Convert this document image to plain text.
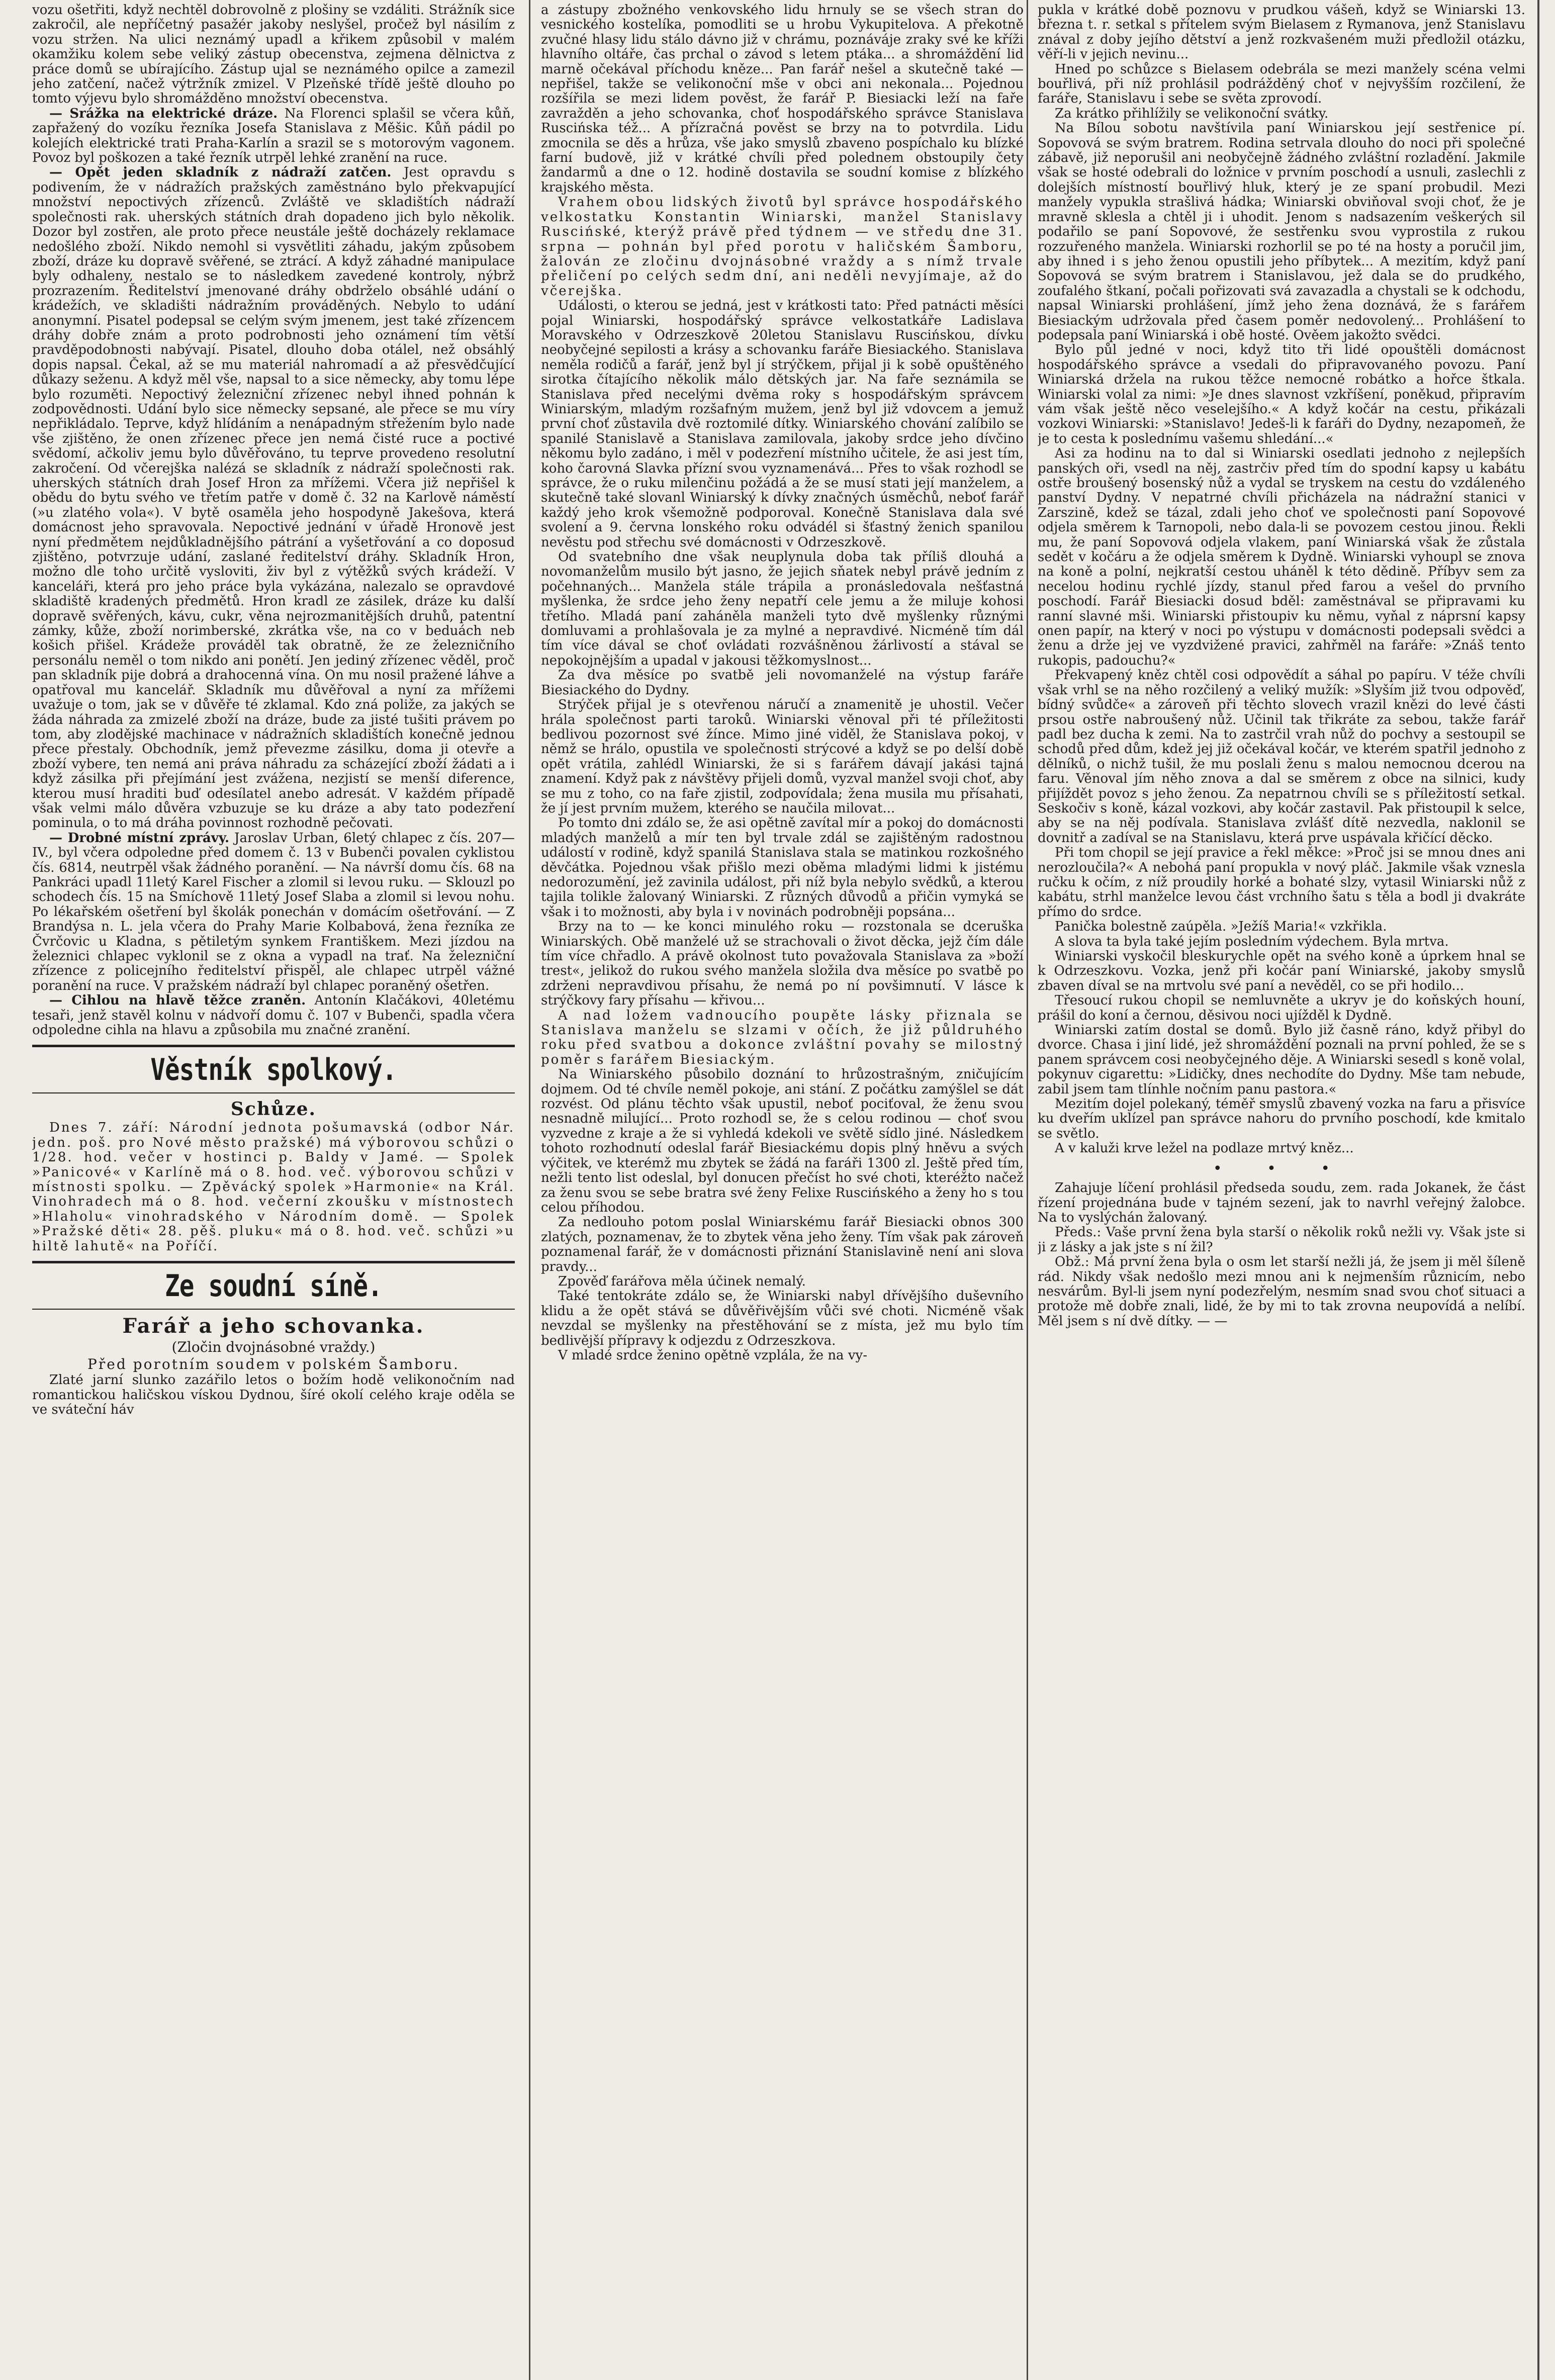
vozu ošetřiti, když nechtěl dobrovolně z plošiny se vzdáliti. Strážník sice zakročil, ale nepříčetný pasažér jakoby neslyšel, pročež byl násilím z vozu stržen. Na ulici neznámý upadl a křikem způsobil v malém okamžiku kolem sebe veliký zástup obecenstva, zejmena dělnictva z práce domů se ubírajícího. Zástup ujal se neznámého opilce a zamezil jeho zatčení, načež výtržník zmizel. V Plzeňské třídě ještě dlouho po tomto výjevu bylo shromážděno množství obecenstva.

— Srážka na elektrické dráze. Na Florenci splašil se včera kůň, zapřažený do vozíku řezníka Josefa Stanislava z Měšic. Kůň pádil po kolejích elektrické trati Praha-Karlín a srazil se s motorovým vagonem. Povoz byl poškozen a také řezník utrpěl lehké zranění na ruce.

— Opět jeden skladník z nádraží zatčen. Jest opravdu s podivením, že v nádražích pražských zaměstnáno bylo překvapující množství nepoctivých zřízenců. Zvláště ve skladištích nádraží společnosti rak. uherských státních drah dopadeno jich bylo několik. Dozor byl zostřen, ale proto přece neustále ještě docházely reklamace nedošlého zboží. Nikdo nemohl si vysvětliti záhadu, jakým způsobem zboží, dráze ku dopravě svěřené, se ztrácí. A když záhadné manipulace byly odhaleny, nestalo se to následkem zavedené kontroly, nýbrž prozrazením. Ředitelství jmenované dráhy obdrželo obsáhlé udání o krádežích, ve skladišti nádražním prováděných. Nebylo to udání anonymní. Pisatel podepsal se celým svým jmenem, jest také zřízencem dráhy dobře znám a proto podrobnosti jeho oznámení tím větší pravděpodobnosti nabývají. Pisatel, dlouho doba otálel, než obsáhlý dopis napsal. Čekal, až se mu materiál nahromadí a až přesvědčující důkazy seženu. A když měl vše, napsal to a sice německy, aby tomu lépe bylo rozuměti. Nepoctivý železniční zřízenec nebyl ihned pohnán k zodpovědnosti. Udání bylo sice německy sepsané, ale přece se mu víry nepřikládalo. Teprve, když hlídáním a nenápadným střežením bylo nade vše zjištěno, že onen zřízenec přece jen nemá čisté ruce a poctivé svědomí, ačkoliv jemu bylo důvěřováno, tu teprve provedeno resolutní zakročení. Od včerejška nalézá se skladník z nádraží společnosti rak. uherských státních drah Josef Hron za mřížemi. Včera již nepřišel k obědu do bytu svého ve třetím patře v domě č. 32 na Karlově náměstí (»u zlatého vola«). V bytě osaměla jeho hospodyně Jakešova, která domácnost jeho spravovala. Nepoctivé jednání v úřadě Hronově jest nyní předmětem nejdůkladnějšího pátrání a vyšetřování a co doposud zjištěno, potvrzuje udání, zaslané ředitelství dráhy. Skladník Hron, možno dle toho určitě vysloviti, živ byl z výtěžků svých krádeží. V kanceláři, která pro jeho práce byla vykázána, nalezalo se opravdové skladiště kradených předmětů. Hron kradl ze zásilek, dráze ku další dopravě svěřených, kávu, cukr, věna nejrozmanitějších druhů, patentní zámky, kůže, zboží norimberské, zkrátka vše, na co v beduách neb košich přišel. Krádeže prováděl tak obratně, že ze železničního personálu neměl o tom nikdo ani ponětí. Jen jediný zřízenec věděl, proč pan skladník pije dobrá a drahocenná vína. On mu nosil pražené láhve a opatřoval mu kancelář. Skladník mu důvěřoval a nyní za mřížemi uvažuje o tom, jak se v důvěře té zklamal. Kdo zná poliže, za jakých se žáda náhrada za zmizelé zboží na dráze, bude za jisté tušiti právem po tom, aby zlodějské machinace v nádražních skladištích konečně jednou přece přestaly. Obchodník, jemž převezme zásilku, doma ji otevře a zboží vybere, ten nemá ani práva náhradu za scházející zboží žádati a i když zásilka při přejímání jest zvážena, nezjistí se menší diference, kterou musí hraditi buď odesílatel anebo adresát. V každém případě však velmi málo důvěra vzbuzuje se ku dráze a aby tato podezření pominula, o to má dráha povinnost rozhodně pečovati.

— Drobné místní zprávy. Jaroslav Urban, 6letý chlapec z čís. 207—IV., byl včera odpoledne před domem č. 13 v Bubenči povalen cyklistou čís. 6814, neutrpěl však žádného poranění. — Na návrší domu čís. 68 na Pankráci upadl 11letý Karel Fischer a zlomil si levou ruku. — Sklouzl po schodech čís. 15 na Smíchově 11letý Josef Slaba a zlomil si levou nohu. Po lékařském ošetření byl školák ponechán v domácím ošetřování. — Z Brandýsa n. L. jela včera do Prahy Marie Kolbabová, žena řezníka ze Čvrčovic u Kladna, s pětiletým synkem Františkem. Mezi jízdou na železnici chlapec vyklonil se z okna a vypadl na trať. Na železniční zřízence z policejního ředitelství přispěl, ale chlapec utrpěl vážné poranění na ruce. V pražském nádraží byl chlapec poraněný ošetřen.

— Cihlou na hlavě těžce zraněn. Antonín Klačákovi, 40letému tesaři, jenž stavěl kolnu v nádvoří domu č. 107 v Bubenči, spadla včera odpoledne cihla na hlavu a způsobila mu značné zranění.

Věstník spolkový.
Schůze.

Dnes 7. září: Národní jednota pošumavská (odbor Nár. jedn. poš. pro Nové město pražské) má výborovou schůzi o 1/28. hod. večer v hostinci p. Baldy v Jamé. — Spolek »Panicové« v Karlíně má o 8. hod. več. výborovou schůzi v místnosti spolku. — Zpěvácký spolek »Harmonie« na Král. Vinohradech má o 8. hod. večerní zkoušku v místnostech »Hlaholu« vinohradského v Národním domě. — Spolek »Pražské děti« 28. pěš. pluku« má o 8. hod. več. schůzi »u hiltě lahutě« na Poříčí.

Ze soudní síně.
Farář a jeho schovanka.
(Zločin dvojnásobné vraždy.)
Před porotním soudem v polském Šamboru.

Zlaté jarní slunko zazářilo letos o božím hodě velikonočním nad romantickou haličskou vískou Dydnou, šíré okolí celého kraje oděla se ve sváteční háv

a zástupy zbožného venkovského lidu hrnuly se se všech stran do vesnického kostelíka, pomodliti se u hrobu Vykupitelova. A překotně zvučné hlasy lidu stálo dávno již v chrámu, poznáváje zraky své ke kříži hlavního oltáře, čas prchal o závod s letem ptáka... a shromáždění lid marně očekával příchodu kněze... Pan farář nešel a skutečně také — nepřišel, takže se velikonoční mše v obci ani nekonala... Pojednou rozšířila se mezi lidem pověst, že farář P. Biesiacki leží na faře zavražděn a jeho schovanka, choť hospodářského správce Stanislava Ruscińska též... A přízračná pověst se brzy na to potvrdila. Lidu zmocnila se děs a hrůza, vše jako smyslů zbaveno pospíchalo ku blízké farní budově, již v krátké chvíli před polednem obstoupily čety žandarmů a dne o 12. hodině dostavila se soudní komise z blízkého krajského města.

Vrahem obou lidských životů byl správce hospodářského velkostatku Konstantin Winiarski, manžel Stanislavy Ruscińské, kterýž právě před týdnem — ve středu dne 31. srpna — pohnán byl před porotu v haličském Šamboru, žalován ze zločinu dvojnásobné vraždy a s nímž trvale přeličení po celých sedm dní, ani neděli nevyjímaje, až do včerejška.

Události, o kterou se jedná, jest v krátkosti tato: Před patnácti měsíci pojal Winiarski, hospodářský správce velkostatkáře Ladislava Moravského v Odrzeszkově 20letou Stanislavu Ruscińskou, dívku neobyčejné sepilosti a krásy a schovanku faráře Biesiackého. Stanislava neměla rodičů a farář, jenž byl jí strýčkem, přijal ji k sobě opuštěného sirotka čítajícího několik málo dětských jar. Na faře seznámila se Stanislava před necelými dvěma roky s hospodářským správcem Winiarským, mladým rozšafným mužem, jenž byl již vdovcem a jemuž první choť zůstavila dvě roztomilé dítky. Winiarského chování zalíbilo se spanilé Stanislavě a Stanislava zamilovala, jakoby srdce jeho dívčino někomu bylo zadáno, i měl v podezření místního učitele, že asi jest tím, koho čarovná Slavka přízní svou vyznamenává... Přes to však rozhodl se správce, že o ruku milenčinu požádá a že se musí stati její manželem, a skutečně také slovanl Winiarský k dívky značných úsměchů, neboť farář každý jeho krok všemožně podporoval. Konečně Stanislava dala své svolení a 9. června lonského roku odvádél si šťastný ženich spanilou nevěstu pod střechu své domácnosti v Odrzeszkově.

Od svatebního dne však neuplynula doba tak příliš dlouhá a novomanželům musilo být jasno, že jejich sňatek nebyl právě jedním z počehnaných... Manžela stále trápila a pronásledovala nešťastná myšlenka, že srdce jeho ženy nepatří cele jemu a že miluje kohosi třetího. Mladá paní zaháněla manželi tyto dvě myšlenky různými domluvami a prohlašovala je za mylné a nepravdivé. Nicméně tím dál tím více dával se choť ovládati rozvášněnou žárlivostí a stával se nepokojnějším a upadal v jakousi těžkomyslnost...

Za dva měsíce po svatbě jeli novomanželé na výstup faráře Biesiackého do Dydny.

Strýček přijal je s otevřenou náručí a znamenitě je uhostil. Večer hrála společnost parti taroků. Winiarski věnoval při té příležitosti bedlivou pozornost své žínce. Mimo jiné viděl, že Stanislava pokoj, v němž se hrálo, opustila ve společnosti strýcové a když se po delší době opět vrátila, zahlédl Winiarski, že si s farářem dávají jakási tajná znamení. Když pak z návštěvy přijeli domů, vyzval manžel svoji choť, aby se mu z toho, co na faře zjistil, zodpovídala; žena musila mu přísahati, že jí jest prvním mužem, kterého se naučila milovat...

Po tomto dni zdálo se, že asi opětně zavítal mír a pokoj do domácnosti mladých manželů a mír ten byl trvale zdál se zajištěným radostnou událostí v rodině, když spanilá Stanislava stala se matinkou rozkošného děvčátka. Pojednou však přišlo mezi oběma mladými lidmi k jistému nedorozumění, jež zavinila událost, při níž byla nebylo svědků, a kterou tajila tolikle žalovaný Winiarski. Z různých důvodů a přičin vymyká se však i to možnosti, aby byla i v novinách podrobněji popsána...

Brzy na to — ke konci minulého roku — rozstonala se dceruška Winiarských. Obě manželé už se strachovali o život děcka, jejž čím dále tím více chřadlo. A právě okolnost tuto považovala Stanislava za »boží trest«, jelikož do rukou svého manžela složila dva měsíce po svatbě po zdrženi nepravdivou přísahu, že nemá po ní povšimnutí. V lásce k strýčkovy fary přísahu — křivou...

A nad ložem vadnoucího poupěte lásky přiznala se Stanislava manželu se slzami v očích, že již půldruhého roku před svatbou a dokonce zvláštní povahy se milostný poměr s farářem Biesiackým.

Na Winiarského působilo doznání to hrůzostrašným, zničujícím dojmem. Od té chvíle neměl pokoje, ani stání. Z počátku zamýšlel se dát rozvést. Od plánu těchto však upustil, neboť pociťoval, že ženu svou nesnadně milující... Proto rozhodl se, že s celou rodinou — choť svou vyzvedne z kraje a že si vyhledá kdekoli ve světě sídlo jiné. Následkem tohoto rozhodnutí odeslal farář Biesiackému dopis plný hněvu a svých výčitek, ve kterémž mu zbytek se žádá na faráři 1300 zl. Ještě před tím, nežli tento list odeslal, byl donucen přečíst ho své choti, kteréžto načež za ženu svou se sebe bratra své ženy Felixe Ruscińského a ženy ho s tou celou příhodou.

Za nedlouho potom poslal Winiarskému farář Biesiacki obnos 300 zlatých, poznamenav, že to zbytek věna jeho ženy. Tím však pak zároveň poznamenal farář, že v domácnosti přiznání Stanislavině není ani slova pravdy...

Zpověď farářova měla účinek nemalý.

Také tentokráte zdálo se, že Winiarski nabyl dřívějšího duševního klidu a že opět stává se důvěřivějším vůči své choti. Nicméně však nevzdal se myšlenky na přestěhování se z místa, jež mu bylo tím bedlivější přípravy k odjezdu z Odrzeszkova.

V mladé srdce ženino opětně vzplála, že na vy-

pukla v krátké době poznovu v prudkou vášeň, když se Winiarski 13. března t. r. setkal s přítelem svým Bielasem z Rymanova, jenž Stanislavu znával z doby jejího dětství a jenž rozkvašeném muži předložil otázku, věří-li v jejich nevinu...

Hned po schůzce s Bielasem odebrála se mezi manžely scéna velmi bouřlivá, při níž prohlásil podrážděný choť v nejvyšším rozčilení, že faráře, Stanislavu i sebe se světa zprovodí.

Za krátko přihlížily se velikonoční svátky.

Na Bílou sobotu navštívila paní Winiarskou její sestřenice pí. Sopovová se svým bratrem. Rodina setrvala dlouho do noci při společné zábavě, již neporušil ani neobyčejně žádného zvláštní rozladění. Jakmile však se hosté odebrali do ložnice v prvním poschodí a usnuli, zaslechli z dolejších místností bouřlivý hluk, který je ze spaní probudil. Mezi manžely vypukla strašlivá hádka; Winiarski obviňoval svoji choť, že je mravně sklesla a chtěl ji i uhodit. Jenom s nadsazením veškerých sil podařilo se paní Sopovové, že sestřenku svou vyprostila z rukou rozzuřeného manžela. Winiarski rozhorlil se po té na hosty a poručil jim, aby ihned i s jeho ženou opustili jeho příbytek... A mezitím, když paní Sopovová se svým bratrem i Stanislavou, jež dala se do prudkého, zoufalého štkaní, počali pořizovati svá zavazadla a chystali se k odchodu, napsal Winiarski prohlášení, jímž jeho žena doznává, že s farářem Biesiackým udržovala před časem poměr nedovolený... Prohlášení to podepsala paní Winiarská i obě hosté. Ověem jakožto svědci.

Bylo půl jedné v noci, když tito tři lidé opouštěli domácnost hospodářského správce a vsedali do připravovaného povozu. Paní Winiarská držela na rukou těžce nemocné robátko a hořce štkala. Winiarski volal za nimi: »Je dnes slavnost vzkříšení, poněkud, připravím vám však ještě něco veselejšího.« A když kočár na cestu, přikázali vozkovi Winiarski: »Stanislavo! Jedeš-li k faráři do Dydny, nezapomeň, že je to cesta k poslednímu vašemu shledání...«

Asi za hodinu na to dal si Winiarski osedlati jednoho z nejlepších panských oři, vsedl na něj, zastrčiv před tím do spodní kapsy u kabátu ostře broušený bosenský nůž a vydal se tryskem na cestu do vzdáleného panství Dydny. V nepatrné chvíli přicházela na nádražní stanici v Zarszině, kdež se tázal, zdali jeho choť ve společnosti paní Sopovové odjela směrem k Tarnopoli, nebo dala-li se povozem cestou jinou. Řekli mu, že paní Sopovová odjela vlakem, paní Winiarská však že zůstala sedět v kočáru a že odjela směrem k Dydně. Winiarski vyhoupl se znova na koně a polní, nejkratší cestou uháněl k této dědině. Příbyv sem za necelou hodinu rychlé jízdy, stanul před farou a vešel do prvního poschodí. Farář Biesiacki dosud bděl: zaměstnával se připravami ku ranní slavné mši. Winiarski přistoupiv ku němu, vyňal z náprsní kapsy onen papír, na který v noci po výstupu v domácnosti podepsali svědci a ženu a drže jej ve vyzdvižené pravici, zahřměl na faráře: »Znáš tento rukopis, padouchu?«

Překvapený kněz chtěl cosi odpovědít a sáhal po papíru. V téže chvíli však vrhl se na něho rozčilený a veliký mužík: »Slyším již tvou odpověď, bídný svůdče« a zároveň při těchto slovech vrazil knězi do levé části prsou ostře nabroušený nůž. Učinil tak třikráte za sebou, takže farář padl bez ducha k zemi. Na to zastrčil vrah nůž do pochvy a sestoupil se schodů před dům, kdež jej již očekával kočár, ve kterém spatřil jednoho z dělníků, o nichž tušil, že mu poslali ženu s malou nemocnou dcerou na faru. Věnoval jím něho znova a dal se směrem z obce na silnici, kudy přijíždět povoz s jeho ženou. Za nepatrnou chvíli se s příležitostí setkal. Seskočiv s koně, kázal vozkovi, aby kočár zastavil. Pak přistoupil k selce, aby se na něj podívala. Stanislava zvlášť dítě nezvedla, naklonil se dovnitř a zadíval se na Stanislavu, která prve uspávala křičící děcko.

Při tom chopil se její pravice a řekl měkce: »Proč jsi se mnou dnes ani nerozloučila?« A nebohá paní propukla v nový pláč. Jakmile však vznesla ručku k očím, z níž proudily horké a bohaté slzy, vytasil Winiarski nůž z kabátu, strhl manželce levou část vrchního šatu s těla a bodl ji dvakráte přímo do srdce.

Panička bolestně zaúpěla. »Ježíš Maria!« vzkřikla.

A slova ta byla také jejím posledním výdechem. Byla mrtva.

Winiarski vyskočil bleskurychle opět na svého koně a úprkem hnal se k Odrzeszkovu. Vozka, jenž při kočár paní Winiarské, jakoby smyslů zbaven díval se na mrtvolu své paní a nevěděl, co se při hodilo...

Třesoucí rukou chopil se nemluvněte a ukryv je do koňských houní, prášil do koní a černou, děsivou noci ujížděl k Dydně.

Winiarski zatím dostal se domů. Bylo již časně ráno, když přibyl do dvorce. Chasa i jiní lidé, jež shromáždění poznali na první pohled, že se s panem správcem cosi neobyčejného děje. A Winiarski sesedl s koně volal, pokynuv cigarettu: »Lidičky, dnes nechodíte do Dydny. Mše tam nebude, zabil jsem tam tlínhle nočním panu pastora.«

Mezitím dojel polekaný, téměř smyslů zbavený vozka na faru a přisvíce ku dveřím uklízel pan správce nahoru do prvního poschodí, kde kmitalo se světlo.

A v kaluži krve ležel na podlaze mrtvý kněz...

• • •

Zahajuje líčení prohlásil předseda soudu, zem. rada Jokanek, že část řízení projednána bude v tajném sezení, jak to navrhl veřejný žalobce. Na to vyslýchán žalovaný.

Předs.: Vaše první žena byla starší o několik roků nežli vy. Však jste si ji z lásky a jak jste s ní žil?

Obž.: Má první žena byla o osm let starší nežli já, že jsem ji měl šíleně rád. Nikdy však nedošlo mezi mnou ani k nejmenším různicím, nebo nesvárům. Byl-li jsem nyní podezřelým, nesmím snad svou choť situaci a protože mě dobře znali, lidé, že by mi to tak zrovna neupovídá a nelíbí. Měl jsem s ní dvě dítky. — —
